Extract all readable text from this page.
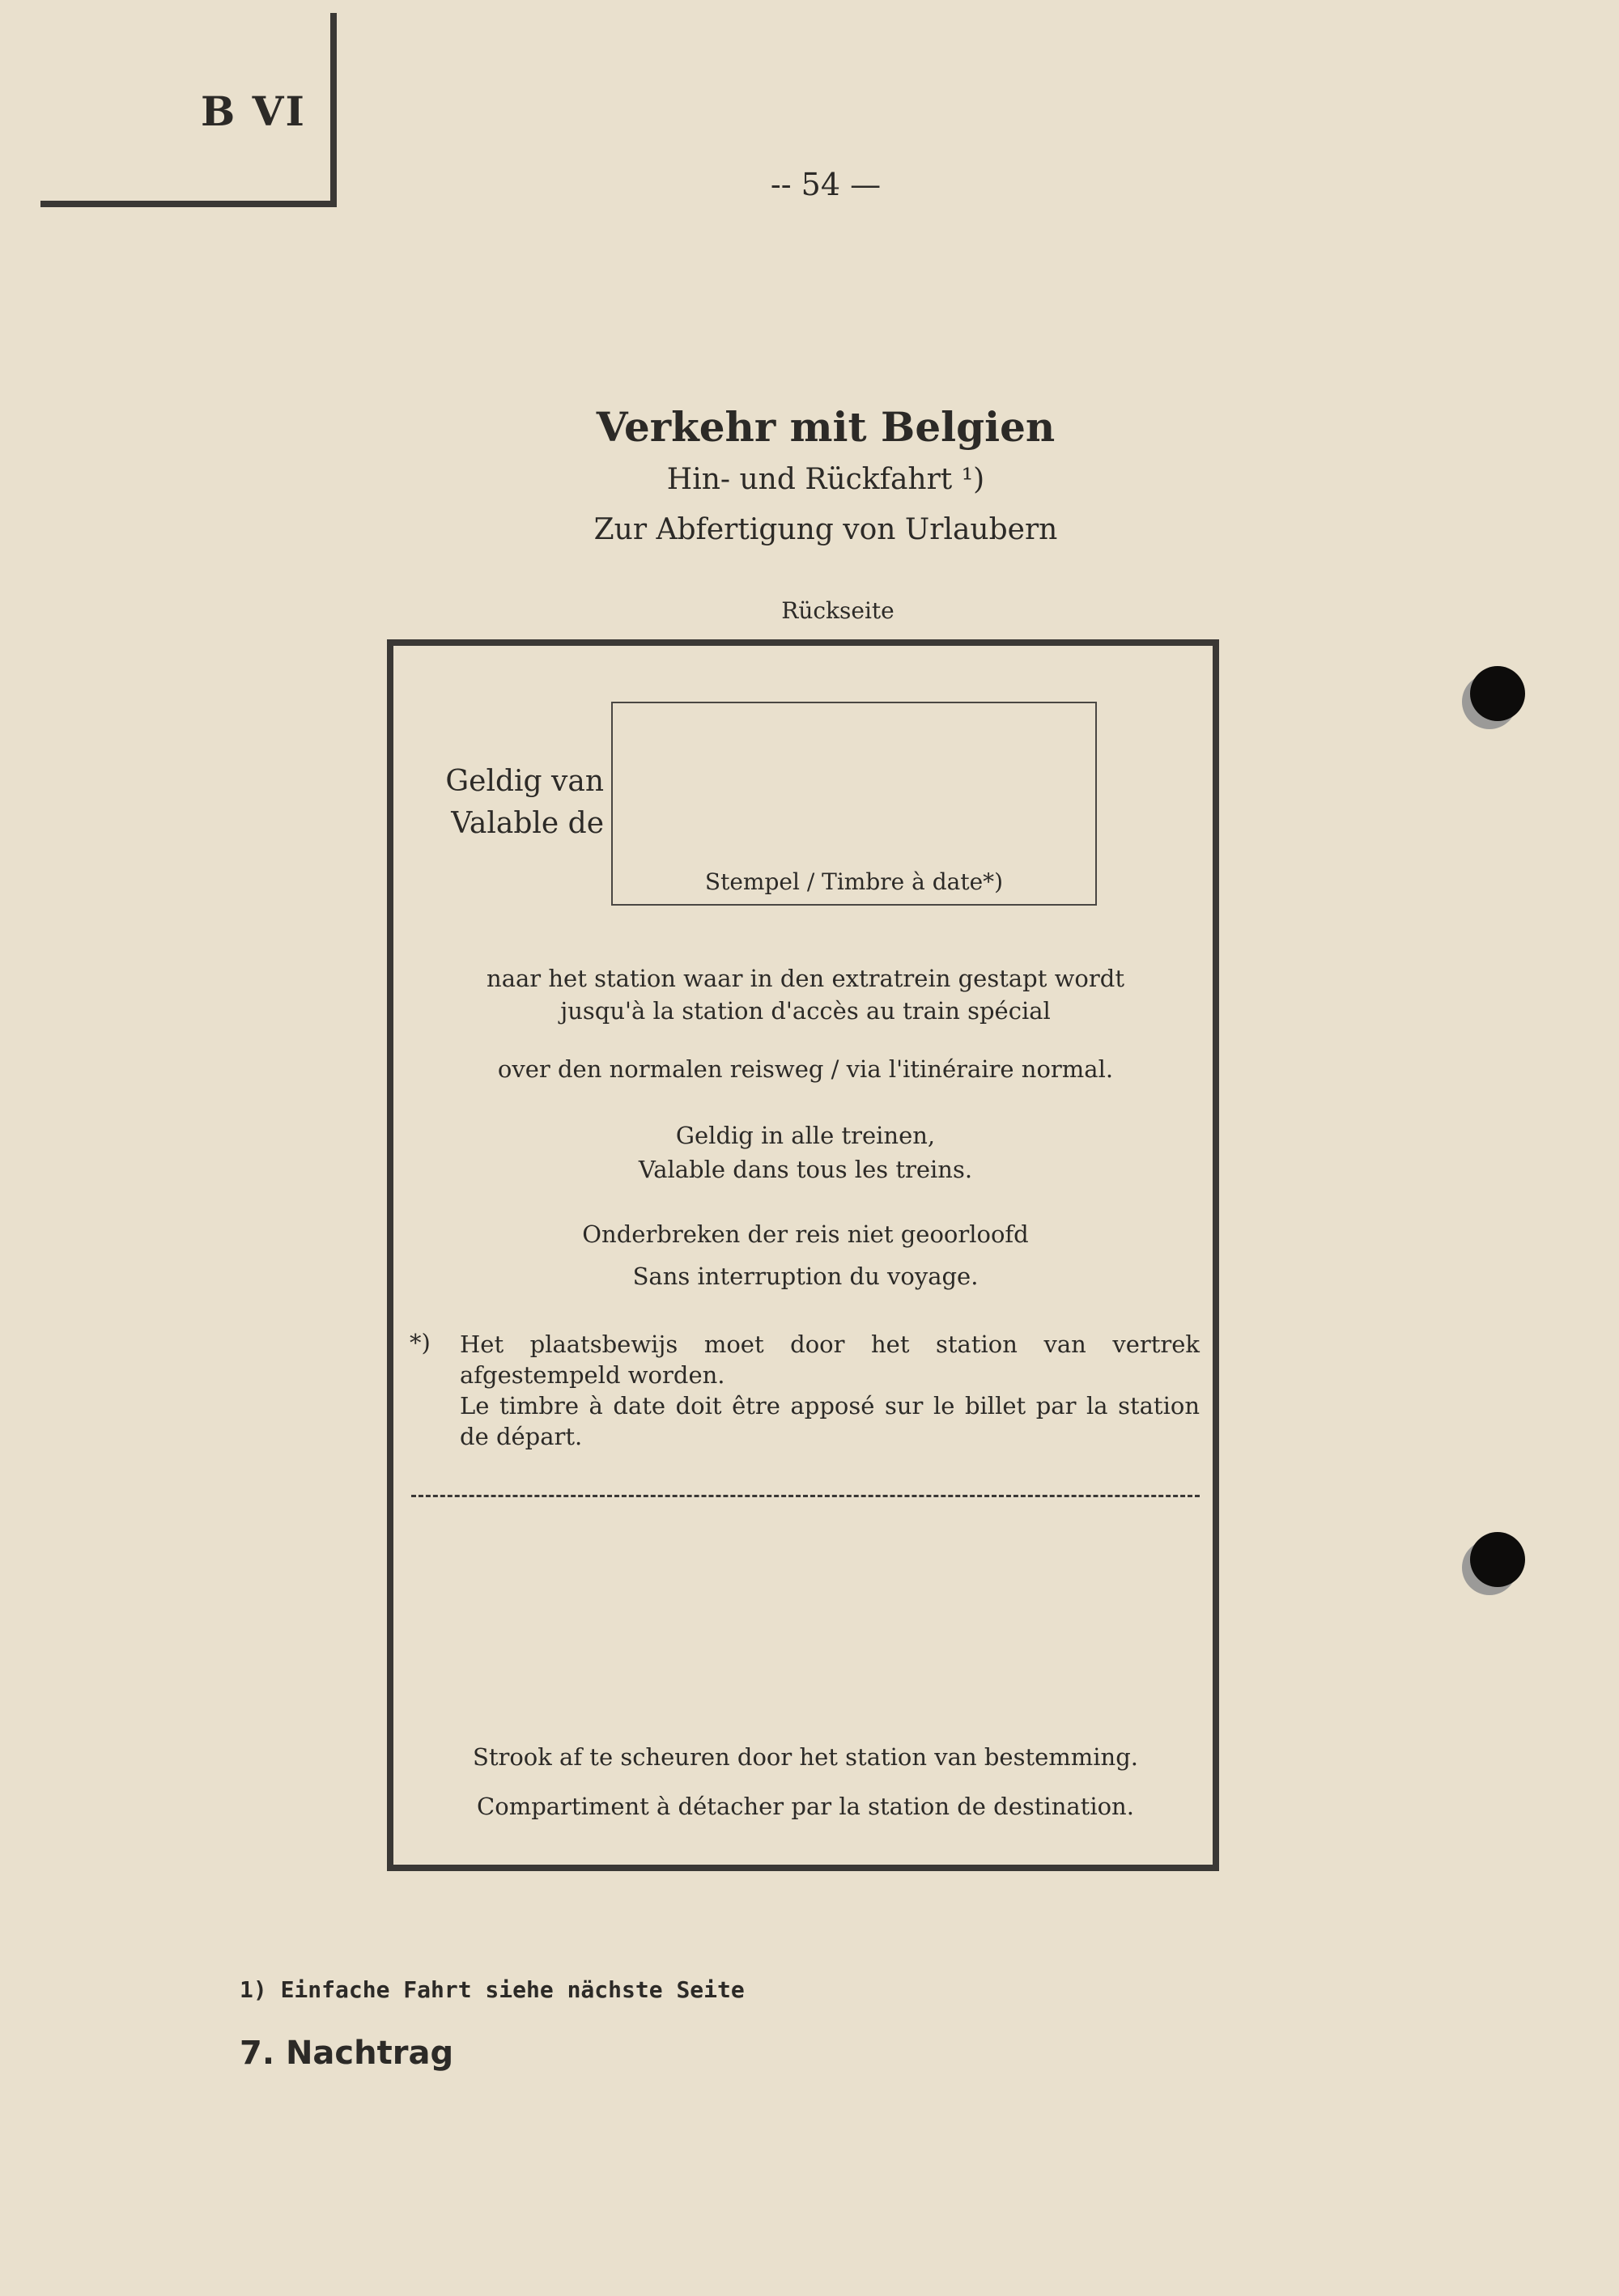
B VI
-- 54 —
Verkehr mit Belgien
Hin- und Rückfahrt ¹)
Zur Abfertigung von Urlaubern
Rückseite
Geldig van
Valable de
Stempel / Timbre à date*)
naar het station waar in den extratrein gestapt wordt
jusqu'à la station d'accès au train spécial
over den normalen reisweg / via l'itinéraire normal.
Geldig in alle treinen,
Valable dans tous les treins.
Onderbreken der reis niet geoorloofd
Sans interruption du voyage.
*) Het plaatsbewijs moet door het station van vertrek afgestempeld worden.

Le timbre à date doit être apposé sur le billet par la station de départ.

Strook af te scheuren door het station van bestemming.
Compartiment à détacher par la station de destination.
1) Einfache Fahrt siehe nächste Seite
7. Nachtrag
